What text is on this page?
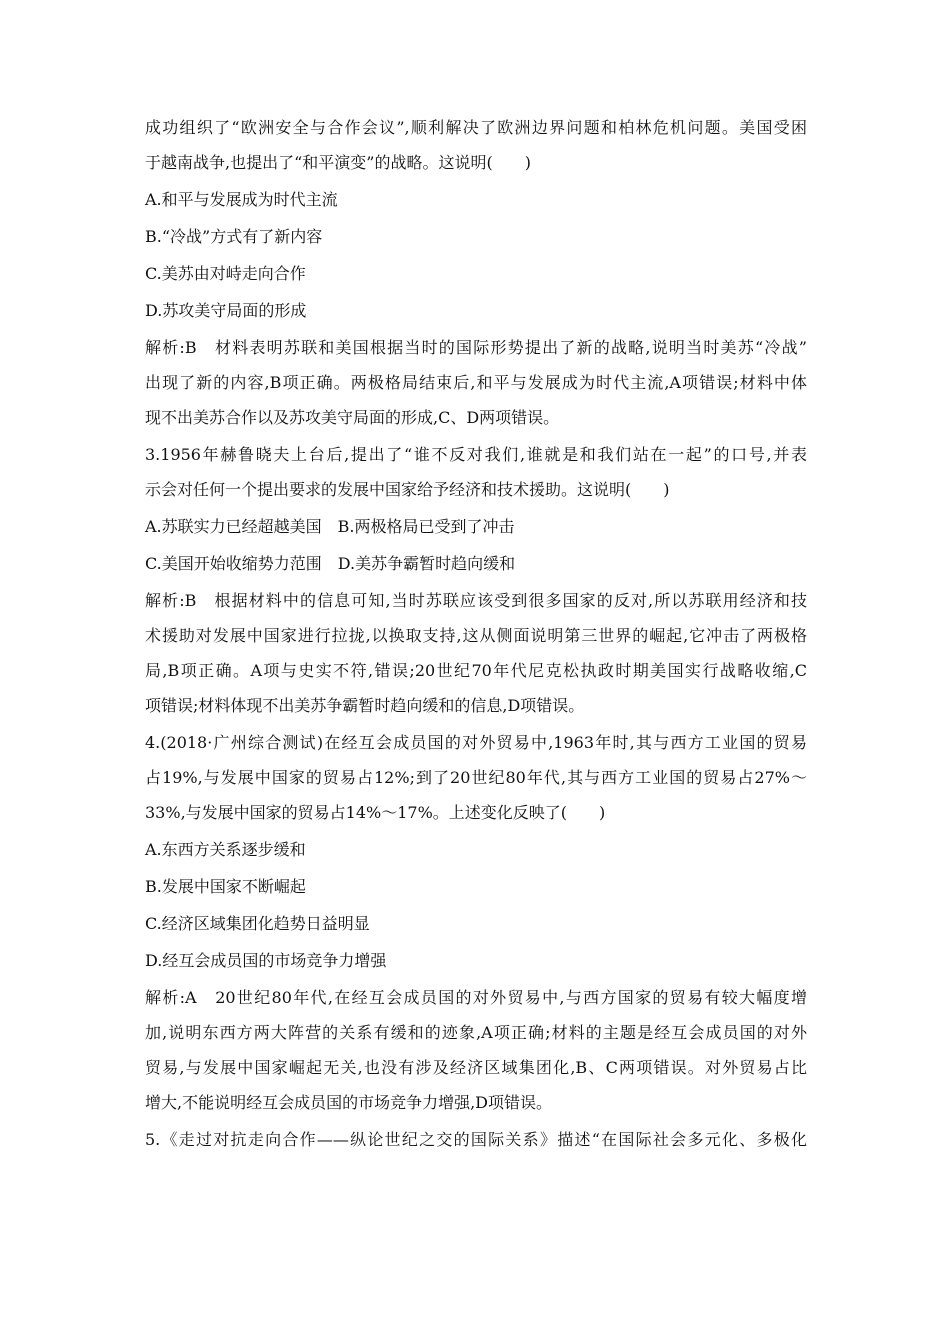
成功组织了“欧洲安全与合作会议”,顺利解决了欧洲边界问题和柏林危机问题。美国受困
于越南战争,也提出了“和平演变”的战略。这说明(　　)
A.和平与发展成为时代主流
B.“冷战”方式有了新内容
C.美苏由对峙走向合作
D.苏攻美守局面的形成
解析:B　材料表明苏联和美国根据当时的国际形势提出了新的战略,说明当时美苏“冷战”
出现了新的内容,B项正确。两极格局结束后,和平与发展成为时代主流,A项错误;材料中体
现不出美苏合作以及苏攻美守局面的形成,C、D两项错误。
3.1956年赫鲁晓夫上台后,提出了“谁不反对我们,谁就是和我们站在一起”的口号,并表
示会对任何一个提出要求的发展中国家给予经济和技术援助。这说明(　　)
A.苏联实力已经超越美国　B.两极格局已受到了冲击
C.美国开始收缩势力范围　D.美苏争霸暂时趋向缓和
解析:B　根据材料中的信息可知,当时苏联应该受到很多国家的反对,所以苏联用经济和技
术援助对发展中国家进行拉拢,以换取支持,这从侧面说明第三世界的崛起,它冲击了两极格
局,B项正确。A项与史实不符,错误;20世纪70年代尼克松执政时期美国实行战略收缩,C
项错误;材料体现不出美苏争霸暂时趋向缓和的信息,D项错误。
4.(2018·广州综合测试)在经互会成员国的对外贸易中,1963年时,其与西方工业国的贸易
占19%,与发展中国家的贸易占12%;到了20世纪80年代,其与西方工业国的贸易占27%～
33%,与发展中国家的贸易占14%～17%。上述变化反映了(　　)
A.东西方关系逐步缓和
B.发展中国家不断崛起
C.经济区域集团化趋势日益明显
D.经互会成员国的市场竞争力增强
解析:A　20世纪80年代,在经互会成员国的对外贸易中,与西方国家的贸易有较大幅度增
加,说明东西方两大阵营的关系有缓和的迹象,A项正确;材料的主题是经互会成员国的对外
贸易,与发展中国家崛起无关,也没有涉及经济区域集团化,B、C两项错误。对外贸易占比
增大,不能说明经互会成员国的市场竞争力增强,D项错误。
5.《走过对抗走向合作——纵论世纪之交的国际关系》描述“在国际社会多元化、多极化
